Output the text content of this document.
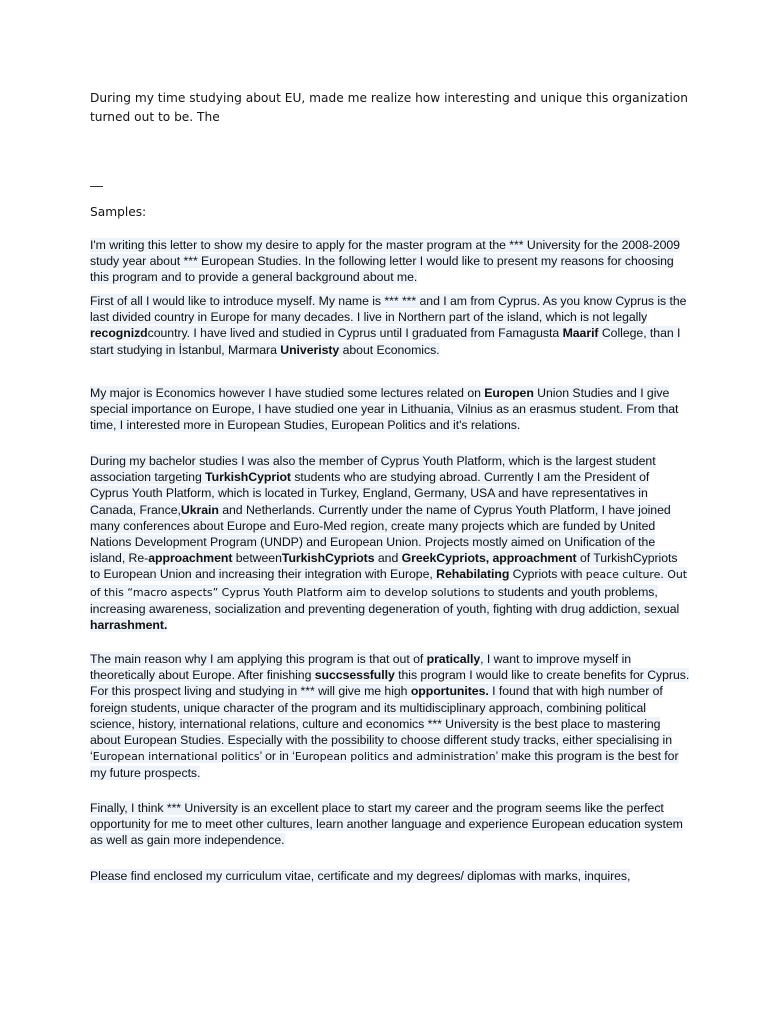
During my time studying about EU, made me realize how interesting and unique this organization turned out to be. The

—

Samples:

I'm writing this letter to show my desire to apply for the master program at the *** University for the 2008-2009 study year about *** European Studies. In the following letter I would like to present my reasons for choosing this program and to provide a general background about me.

First of all I would like to introduce myself. My name is *** *** and I am from Cyprus. As you know Cyprus is the last divided country in Europe for many decades. I live in Northern part of the island, which is not legally recognizdcountry. I have lived and studied in Cyprus until I graduated from Famagusta Maarif College, than I start studying in İstanbul, Marmara Univeristy about Economics.

My major is Economics however I have studied some lectures related on Europen Union Studies and I give special importance on Europe, I have studied one year in Lithuania, Vilnius as an erasmus student. From that time, I interested more in European Studies, European Politics and it's relations.

During my bachelor studies I was also the member of Cyprus Youth Platform, which is the largest student association targeting TurkishCypriot students who are studying abroad. Currently I am the President of Cyprus Youth Platform, which is located in Turkey, England, Germany, USA and have representatives in Canada, France,Ukrain and Netherlands. Currently under the name of Cyprus Youth Platform, I have joined many conferences about Europe and Euro-Med region, create many projects which are funded by United Nations Development Program (UNDP) and European Union. Projects mostly aimed on Unification of the island, Re-approachment betweenTurkishCypriots and GreekCypriots, approachment of TurkishCypriots to European Union and increasing their integration with Europe, Rehabilating Cypriots with peace culture. Out of this “macro aspects” Cyprus Youth Platform aim to develop solutions to students and youth problems, increasing awareness, socialization and preventing degeneration of youth, fighting with drug addiction, sexual harrashment.

The main reason why I am applying this program is that out of pratically, I want to improve myself in theoretically about Europe. After finishing succsessfully this program I would like to create benefits for Cyprus. For this prospect living and studying in *** will give me high opportunites. I found that with high number of foreign students, unique character of the program and its multidisciplinary approach, combining political science, history, international relations, culture and economics *** University is the best place to mastering about European Studies. Especially with the possibility to choose different study tracks, either specialising in ‘European international politics’ or in ‘European politics and administration’ make this program is the best for my future prospects.

Finally, I think *** University is an excellent place to start my career and the program seems like the perfect opportunity for me to meet other cultures, learn another language and experience European education system as well as gain more independence.

Please find enclosed my curriculum vitae, certificate and my degrees/ diplomas with marks, inquires,
